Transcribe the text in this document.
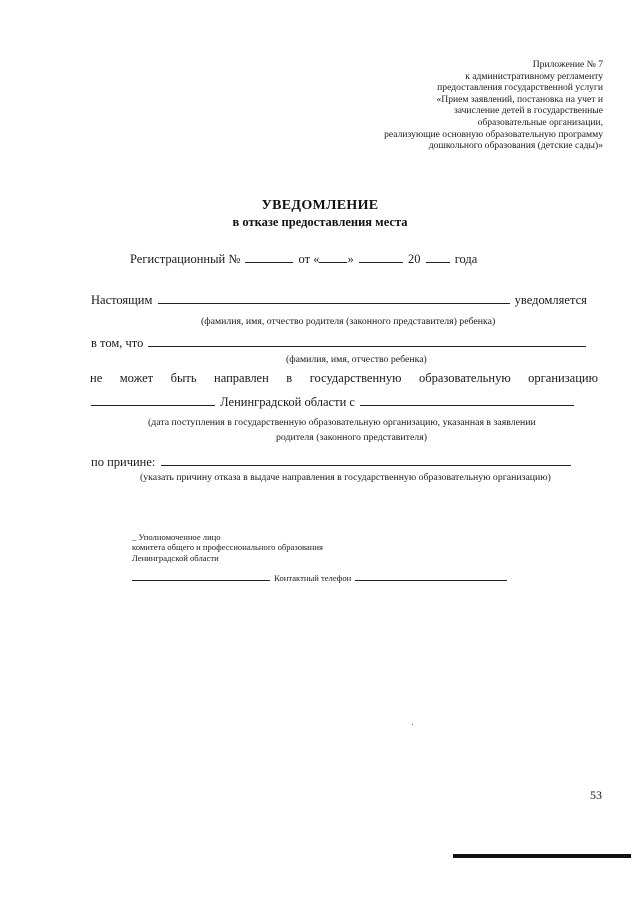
Приложение № 7
к административному регламенту
предоставления государственной услуги
«Прием заявлений, постановка на учет и
зачисление детей в государственные
образовательные организации,
реализующие основную образовательную программу
дошкольного образования (детские сады)»
УВЕДОМЛЕНИЕ
в отказе предоставления места
Регистрационный №	от « »	20	года
Настоящим	уведомляется
(фамилия, имя, отчество родителя (законного представителя) ребенка)
в том, что
(фамилия, имя, отчество ребенка)
не может быть направлен в государственную образовательную организацию
Ленинградской области с
(дата поступления в государственную образовательную организацию, указанная в заявлении
родителя (законного представителя)
по причине:
(указать причину отказа в выдаче направления в государственную образовательную организацию)
_ Уполномоченное лицо
комитета общего и профессионального образования
Ленинградской области
Контактный телефон
53
